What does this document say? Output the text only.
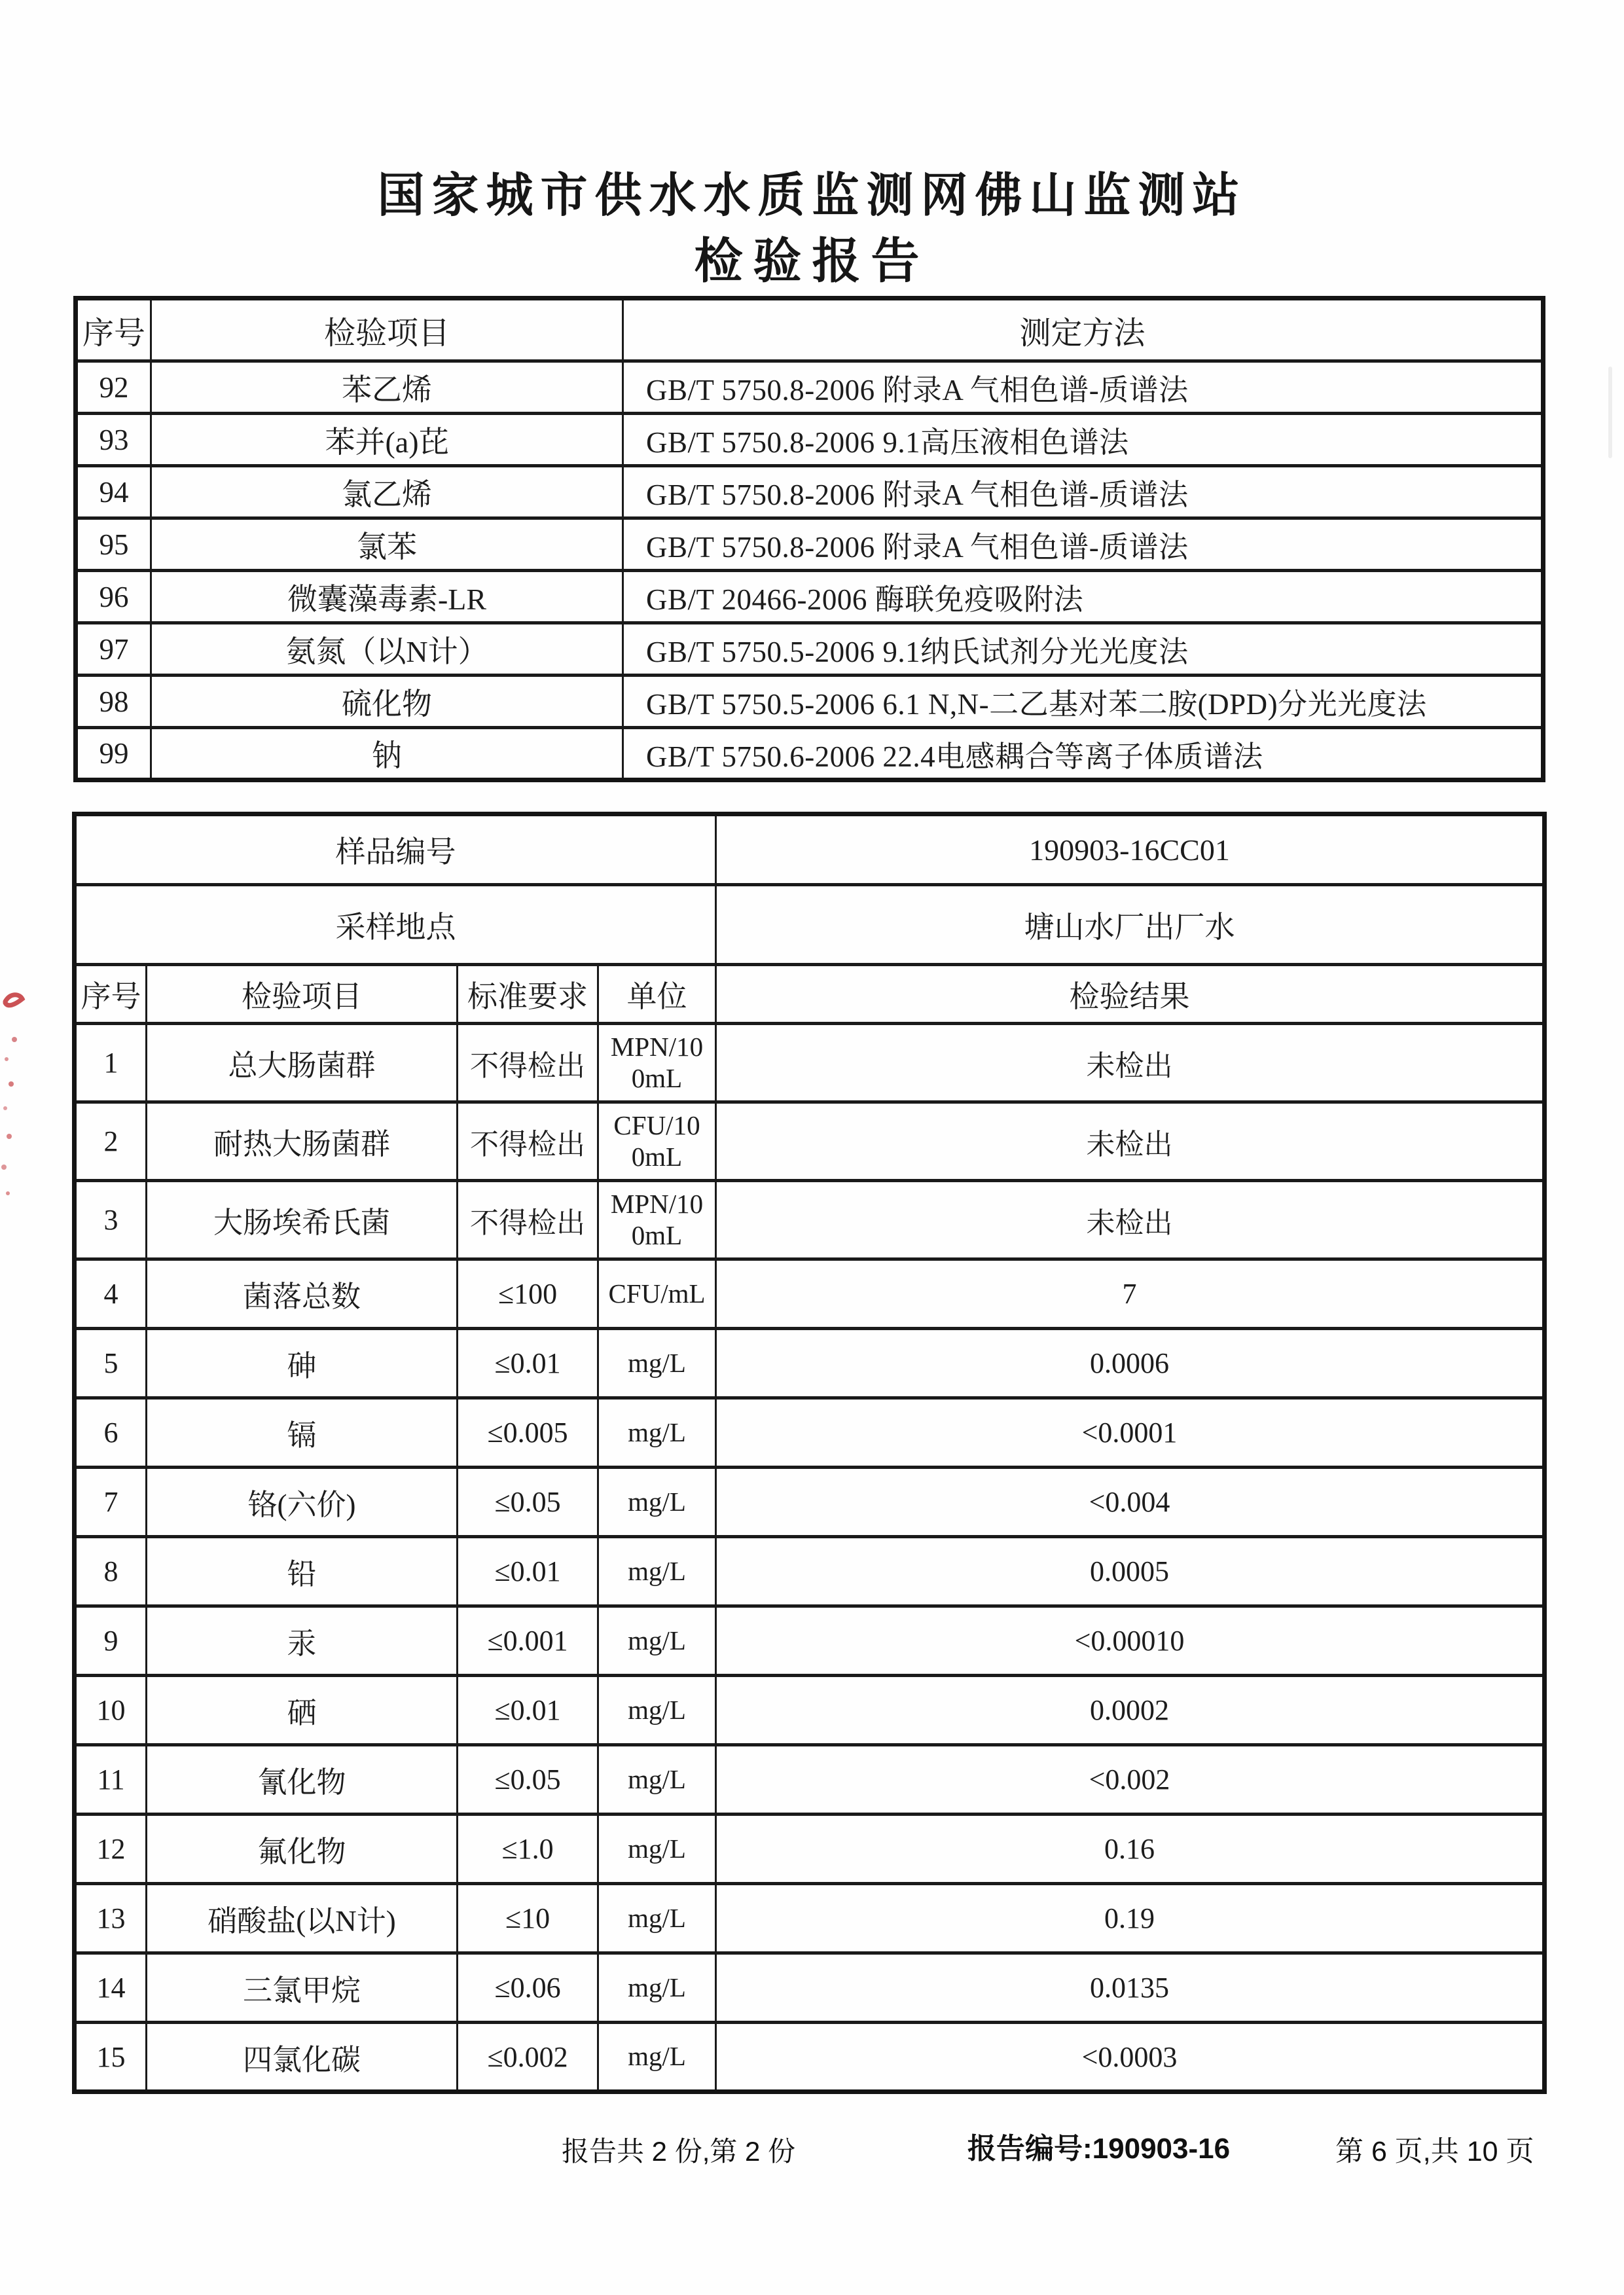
国家城市供水水质监测网佛山监测站
检验报告
序号	检验项目	测定方法
92	苯乙烯	GB/T 5750.8-2006 附录A 气相色谱-质谱法
93	苯并(a)芘	GB/T 5750.8-2006 9.1高压液相色谱法
94	氯乙烯	GB/T 5750.8-2006 附录A 气相色谱-质谱法
95	氯苯	GB/T 5750.8-2006 附录A 气相色谱-质谱法
96	微囊藻毒素-LR	GB/T 20466-2006 酶联免疫吸附法
97	氨氮（以N计）	GB/T 5750.5-2006 9.1纳氏试剂分光光度法
98	硫化物	GB/T 5750.5-2006 6.1 N,N-二乙基对苯二胺(DPD)分光光度法
99	钠	GB/T 5750.6-2006 22.4电感耦合等离子体质谱法
样品编号				190903-16CC01
采样地点				塘山水厂出厂水
序号	检验项目	标准要求	单位	检验结果
1	总大肠菌群	不得检出	MPN/100mL	未检出
2	耐热大肠菌群	不得检出	CFU/100mL	未检出
3	大肠埃希氏菌	不得检出	MPN/100mL	未检出
4	菌落总数	≤100	CFU/mL	7
5	砷	≤0.01	mg/L	0.0006
6	镉	≤0.005	mg/L	<0.0001
7	铬(六价)	≤0.05	mg/L	<0.004
8	铅	≤0.01	mg/L	0.0005
9	汞	≤0.001	mg/L	<0.00010
10	硒	≤0.01	mg/L	0.0002
11	氰化物	≤0.05	mg/L	<0.002
12	氟化物	≤1.0	mg/L	0.16
13	硝酸盐(以N计)	≤10	mg/L	0.19
14	三氯甲烷	≤0.06	mg/L	0.0135
15	四氯化碳	≤0.002	mg/L	<0.0003
报告共 2 份,第 2 份	报告编号:190903-16	第 6 页,共 10 页
